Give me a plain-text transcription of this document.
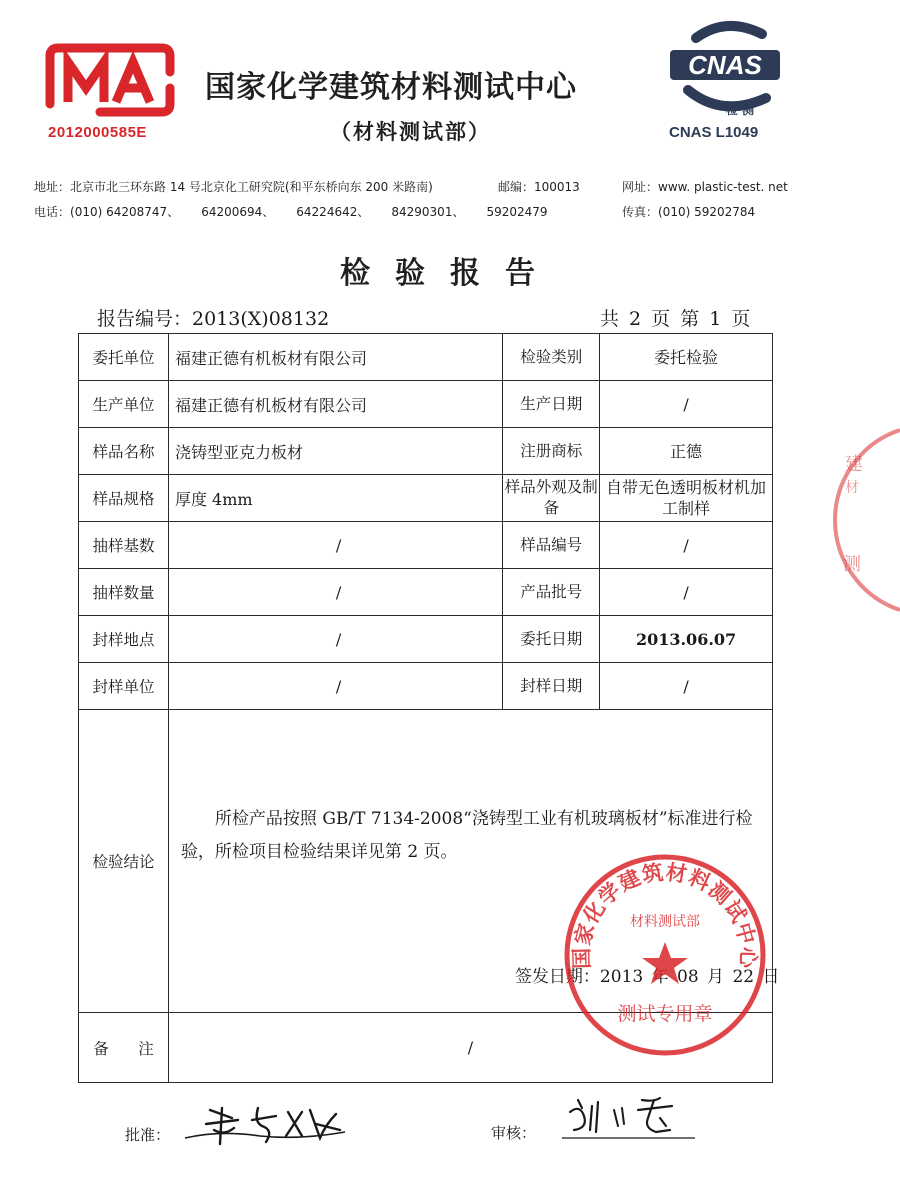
2012000585E
国家化学建筑材料测试中心
（材料测试部）
CNAS
检 测
CNAS L1049
地址：北京市北三环东路 14 号北京化工研究院(和平东桥向东 200 米路南)	邮编：100013	网址：www. plastic-test. net
电话：(010) 64208747、 64200694、 64224642、 84290301、 59202479	传真：(010) 59202784
检验报告
报告编号：2013(X)08132	共 2 页 第 1 页
委托单位	福建正德有机板材有限公司	检验类别	委托检验
生产单位	福建正德有机板材有限公司	生产日期	/
样品名称	浇铸型亚克力板材	注册商标	正德
样品规格	厚度 4mm	样品外观及制备	自带无色透明板材机加工制样
抽样基数	/	样品编号	/
抽样数量	/	产品批号	/
封样地点	/	委托日期	2013.06.07
封样单位	/	封样日期	/
检验结论	所检产品按照 GB/T 7134-2008“浇铸型工业有机玻璃板材”标准进行检验，所检项目检验结果详见第 2 页。
签发日期：2013 年 08 月 22 日		

备      注	/		
国家化学建筑材料测试中心
材料测试部
测试专用章
建
材
测
批准：	审核：
